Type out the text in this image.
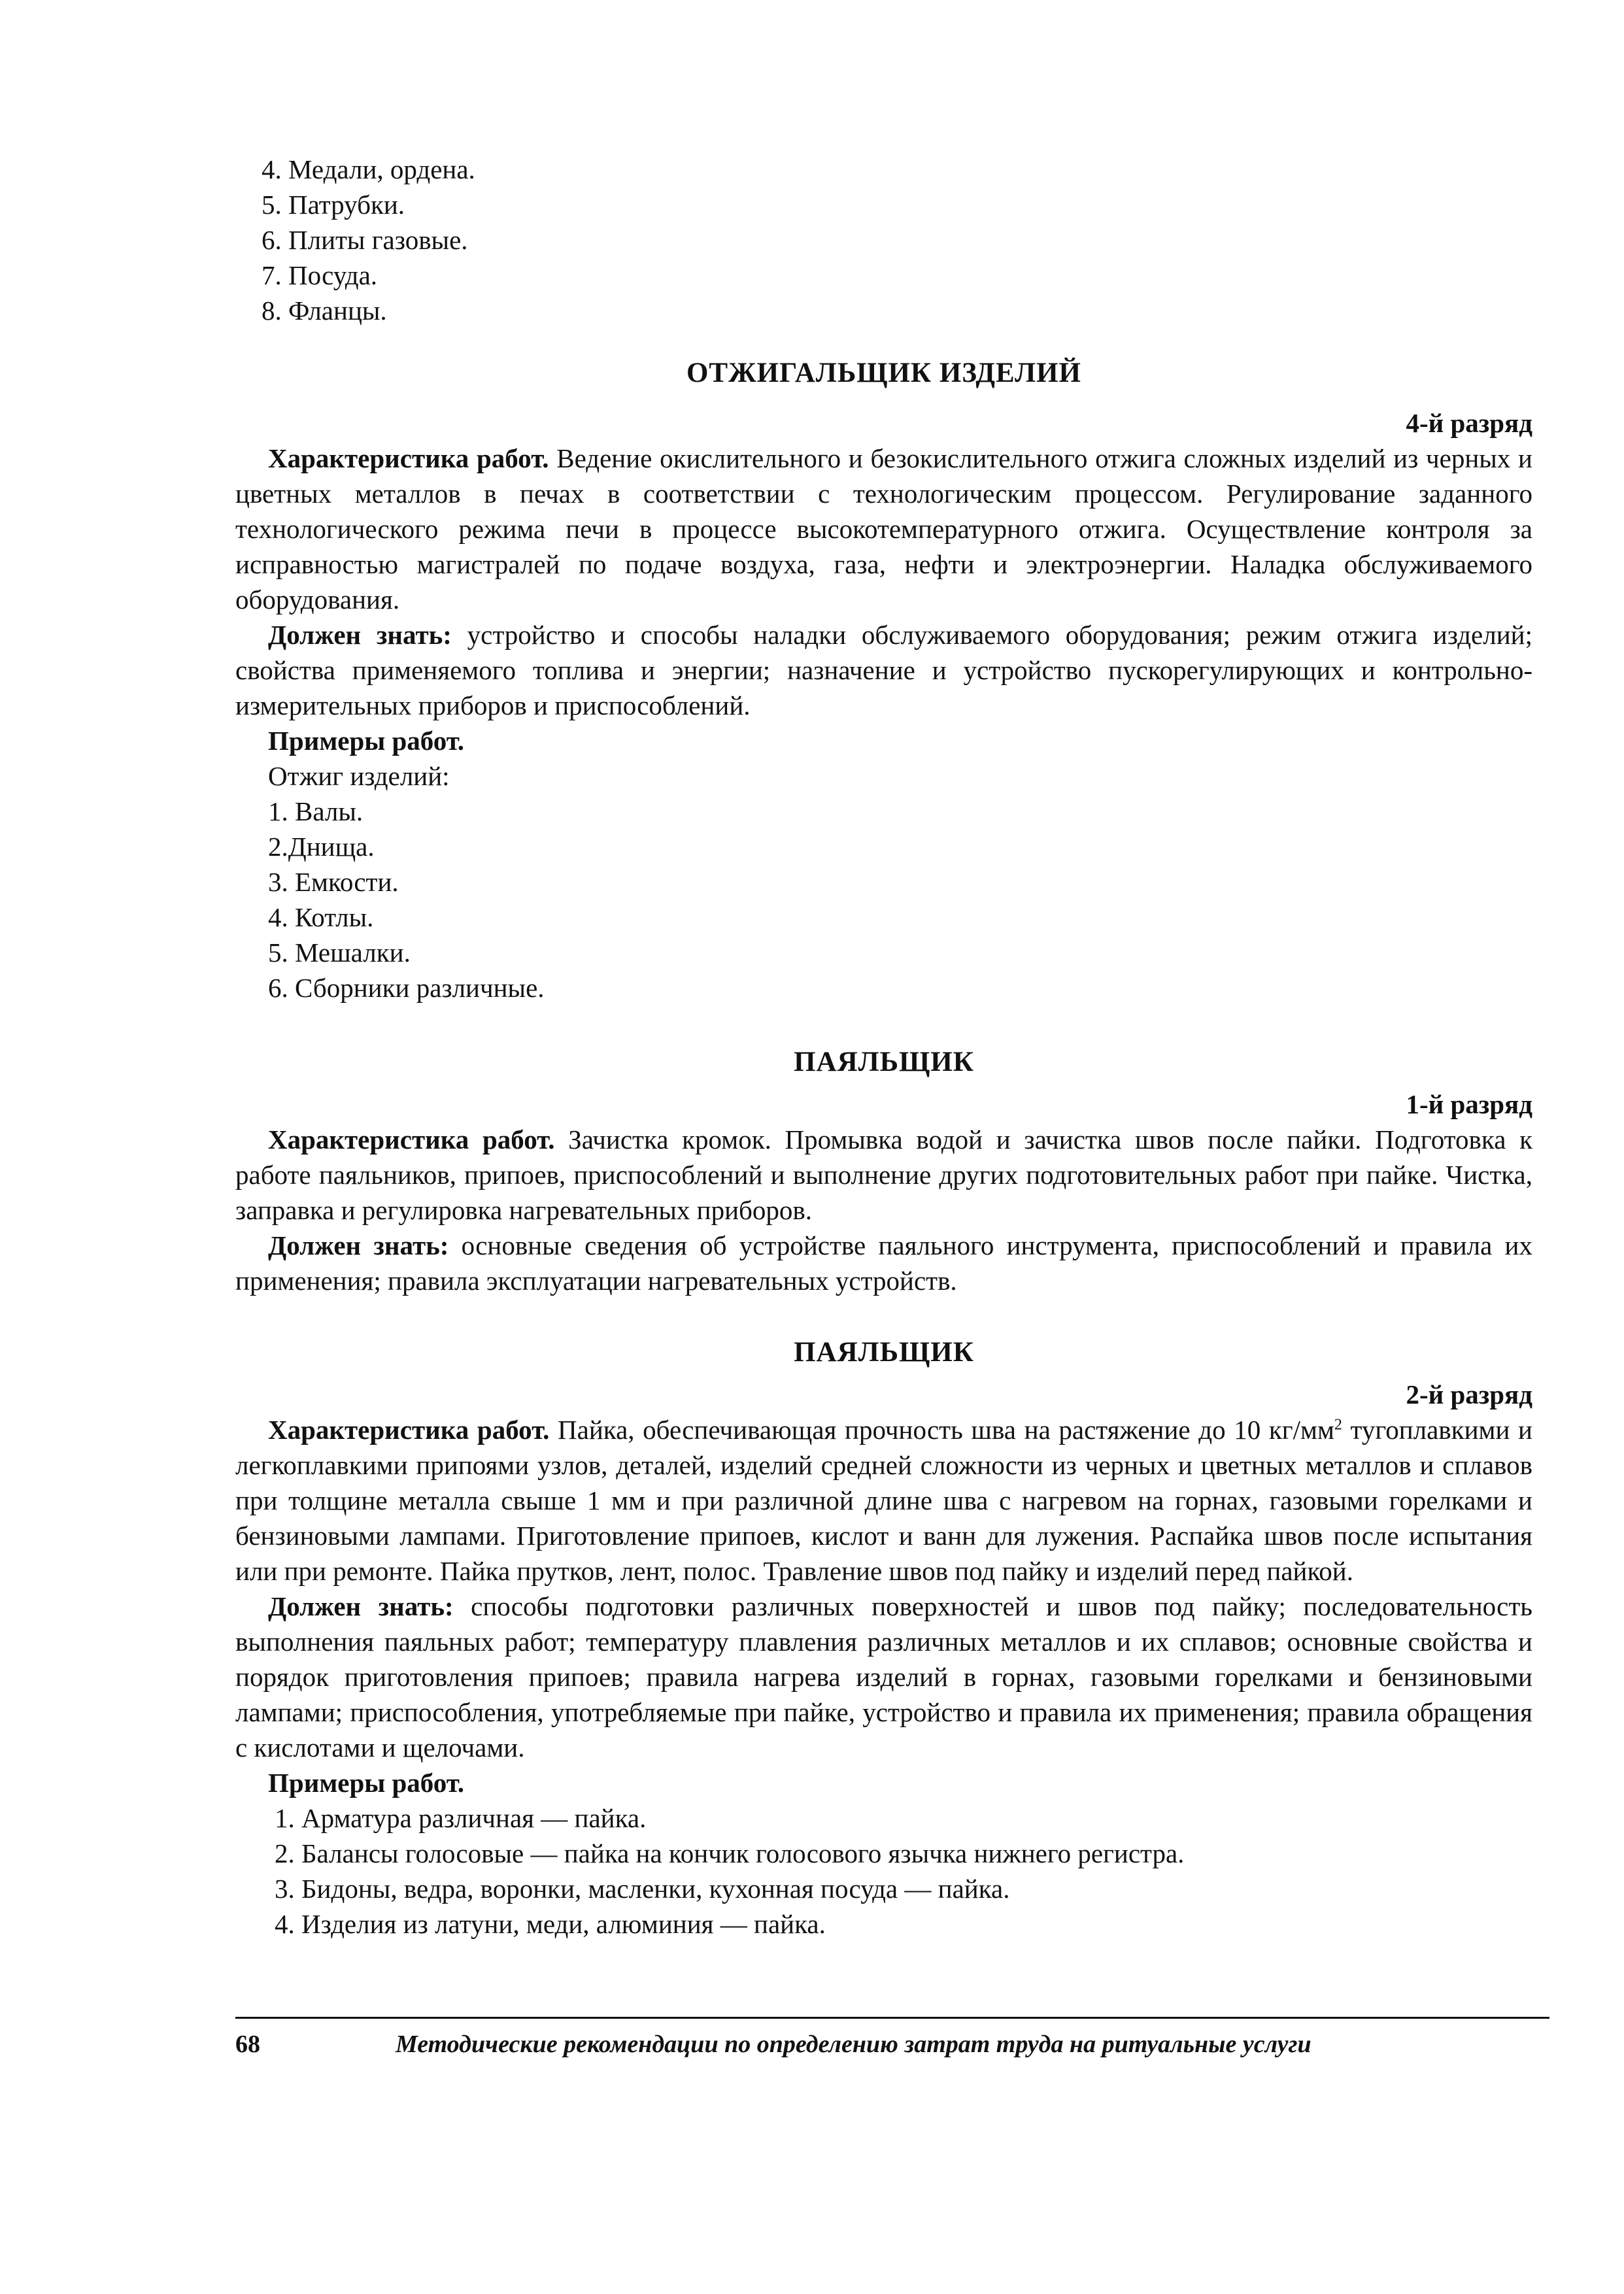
4. Медали, ордена.
5. Патрубки.
6. Плиты газовые.
7. Посуда.
8. Фланцы.

ОТЖИГАЛЬЩИК ИЗДЕЛИЙ

4-й разряд

Характеристика работ. Ведение окислительного и безокислительного отжига сложных изделий из черных и цветных металлов в печах в соответствии с технологическим процессом. Регулирование заданного технологического режима печи в процессе высокотемпературного отжига. Осуществление контроля за исправностью магистралей по подаче воздуха, газа, нефти и электроэнергии. Наладка обслуживаемого оборудования.

Должен знать: устройство и способы наладки обслуживаемого оборудования; режим отжига изделий; свойства применяемого топлива и энергии; назначение и устройство пускорегулирующих и контрольно-измерительных приборов и приспособлений.

Примеры работ.

Отжиг изделий:

1. Валы.
2.Днища.
3. Емкости.
4. Котлы.
5. Мешалки.
6. Сборники различные.

ПАЯЛЬЩИК

1-й разряд

Характеристика работ. Зачистка кромок. Промывка водой и зачистка швов после пайки. Подготовка к работе паяльников, припоев, приспособлений и выполнение других подготовительных работ при пайке. Чистка, заправка и регулировка нагревательных приборов.

Должен знать: основные сведения об устройстве паяльного инструмента, приспособлений и правила их применения; правила эксплуатации нагревательных устройств.

ПАЯЛЬЩИК

2-й разряд

Характеристика работ. Пайка, обеспечивающая прочность шва на растяжение до 10 $кг/мм^2$ тугоплавкими и легкоплавкими припоями узлов, деталей, изделий средней сложности из черных и цветных металлов и сплавов при толщине металла свыше 1 мм и при различной длине шва с нагревом на горнах, газовыми горелками и бензиновыми лампами. Приготовление припоев, кислот и ванн для лужения. Распайка швов после испытания или при ремонте. Пайка прутков, лент, полос. Травление швов под пайку и изделий перед пайкой.

Должен знать: способы подготовки различных поверхностей и швов под пайку; последовательность выполнения паяльных работ; температуру плавления различных металлов и их сплавов; основные свойства и порядок приготовления припоев; правила нагрева изделий в горнах, газовыми горелками и бензиновыми лампами; приспособления, употребляемые при пайке, устройство и правила их применения; правила обращения с кислотами и щелочами.

Примеры работ.

1. Арматура различная — пайка.
2. Балансы голосовые — пайка на кончик голосового язычка нижнего регистра.
3. Бидоны, ведра, воронки, масленки, кухонная посуда — пайка.
4. Изделия из латуни, меди, алюминия — пайка.
68	Методические рекомендации по определению затрат труда на ритуальные услуги
